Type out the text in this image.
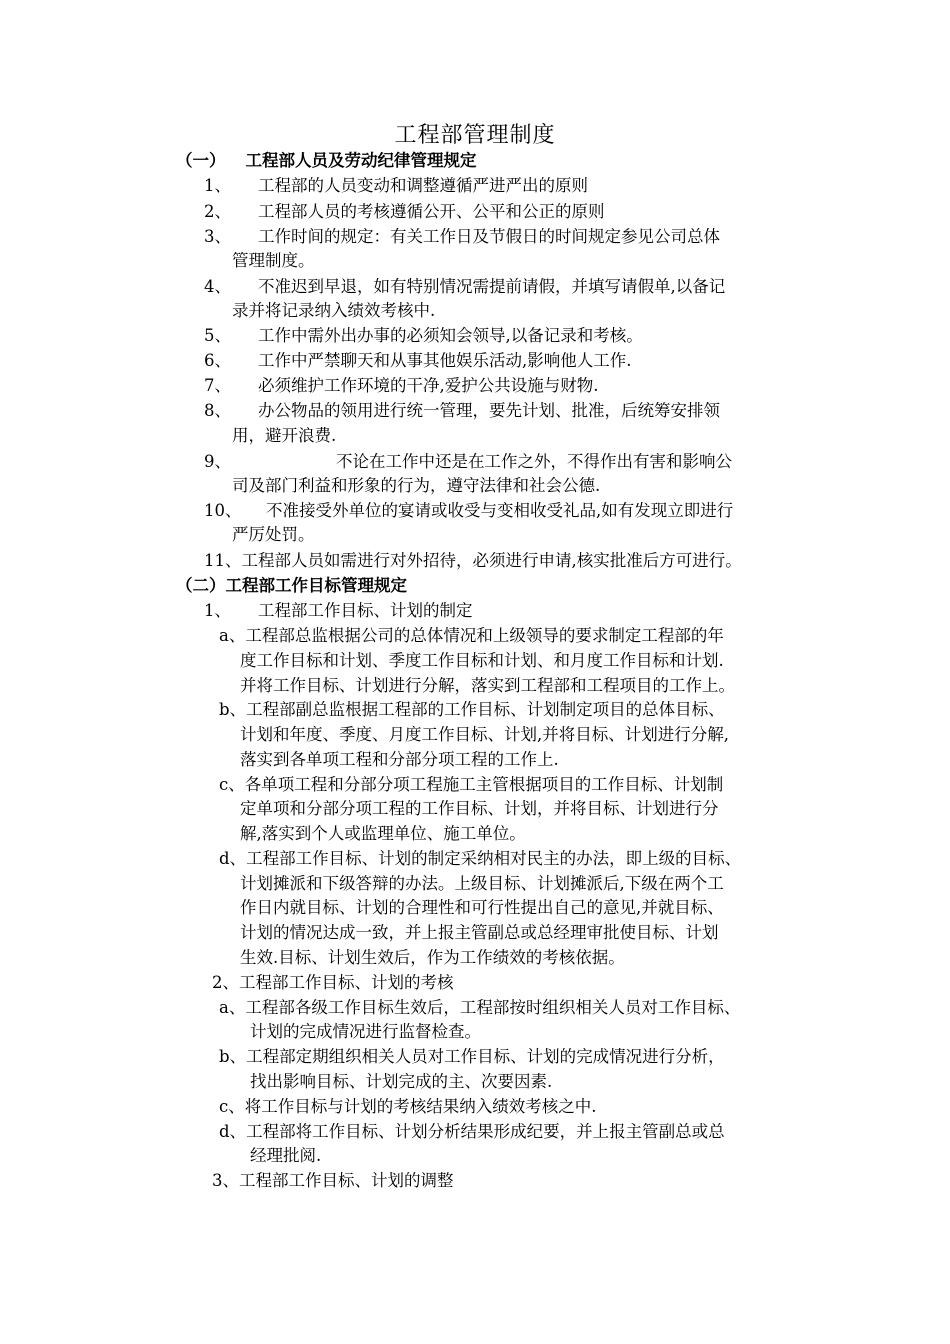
工程部管理制度
（一） 工程部人员及劳动纪律管理规定
1、 工程部的人员变动和调整遵循严进严出的原则
2、 工程部人员的考核遵循公开、公平和公正的原则
3、 工作时间的规定：有关工作日及节假日的时间规定参见公司总体
管理制度。
4、 不准迟到早退，如有特别情况需提前请假，并填写请假单,以备记
录并将记录纳入绩效考核中.
5、 工作中需外出办事的必须知会领导,以备记录和考核。
6、 工作中严禁聊天和从事其他娱乐活动,影响他人工作.
7、 必须维护工作环境的干净,爱护公共设施与财物.
8、 办公物品的领用进行统一管理，要先计划、批准，后统筹安排领
用，避开浪费.
9、	不论在工作中还是在工作之外，不得作出有害和影响公
司及部门利益和形象的行为，遵守法律和社会公德.
10、 不准接受外单位的宴请或收受与变相收受礼品,如有发现立即进行
严厉处罚。
11、工程部人员如需进行对外招待，必须进行申请,核实批准后方可进行。
（二）工程部工作目标管理规定
1、 工程部工作目标、计划的制定
a、工程部总监根据公司的总体情况和上级领导的要求制定工程部的年
度工作目标和计划、季度工作目标和计划、和月度工作目标和计划.
并将工作目标、计划进行分解，落实到工程部和工程项目的工作上。
b、工程部副总监根据工程部的工作目标、计划制定项目的总体目标、
计划和年度、季度、月度工作目标、计划,并将目标、计划进行分解,
落实到各单项工程和分部分项工程的工作上.
c、各单项工程和分部分项工程施工主管根据项目的工作目标、计划制
定单项和分部分项工程的工作目标、计划，并将目标、计划进行分
解,落实到个人或监理单位、施工单位。
d、工程部工作目标、计划的制定采纳相对民主的办法，即上级的目标、
计划摊派和下级答辩的办法。上级目标、计划摊派后,下级在两个工
作日内就目标、计划的合理性和可行性提出自己的意见,并就目标、
计划的情况达成一致，并上报主管副总或总经理审批使目标、计划
生效.目标、计划生效后，作为工作绩效的考核依据。
2、工程部工作目标、计划的考核
a、工程部各级工作目标生效后，工程部按时组织相关人员对工作目标、
计划的完成情况进行监督检查。
b、工程部定期组织相关人员对工作目标、计划的完成情况进行分析，
找出影响目标、计划完成的主、次要因素.
c、将工作目标与计划的考核结果纳入绩效考核之中.
d、工程部将工作目标、计划分析结果形成纪要，并上报主管副总或总
经理批阅.
3、工程部工作目标、计划的调整
